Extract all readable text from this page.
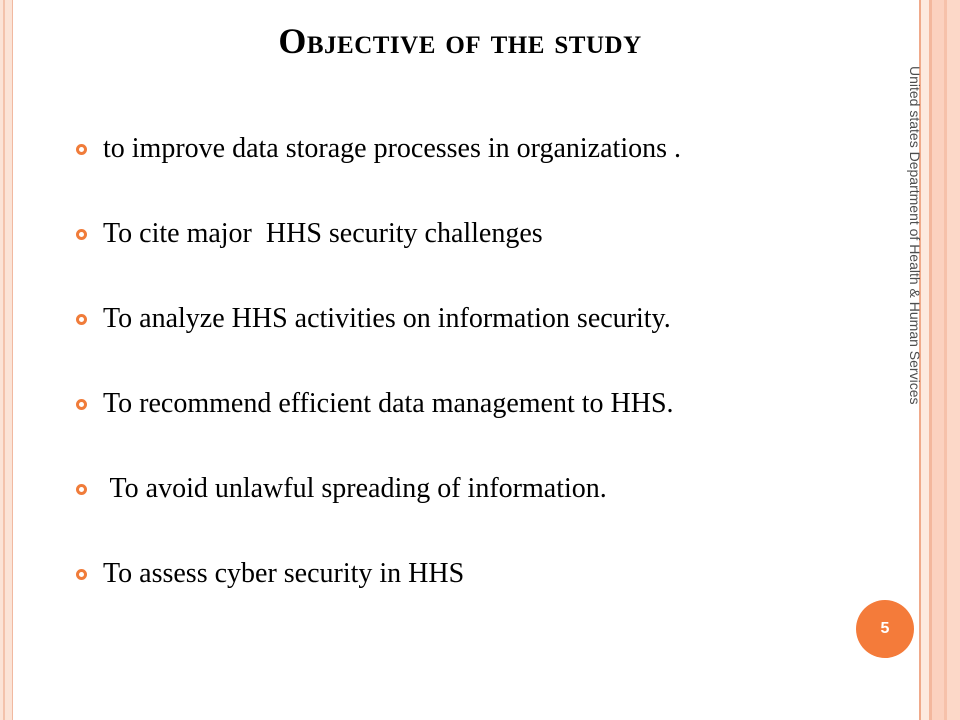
Objective of the study
to improve data storage processes in organizations .
To cite major  HHS security challenges
To analyze HHS activities on information security.
To recommend efficient data management to HHS.
To avoid unlawful spreading of information.
To assess cyber security in HHS
United states Department of Health & Human Services
5
